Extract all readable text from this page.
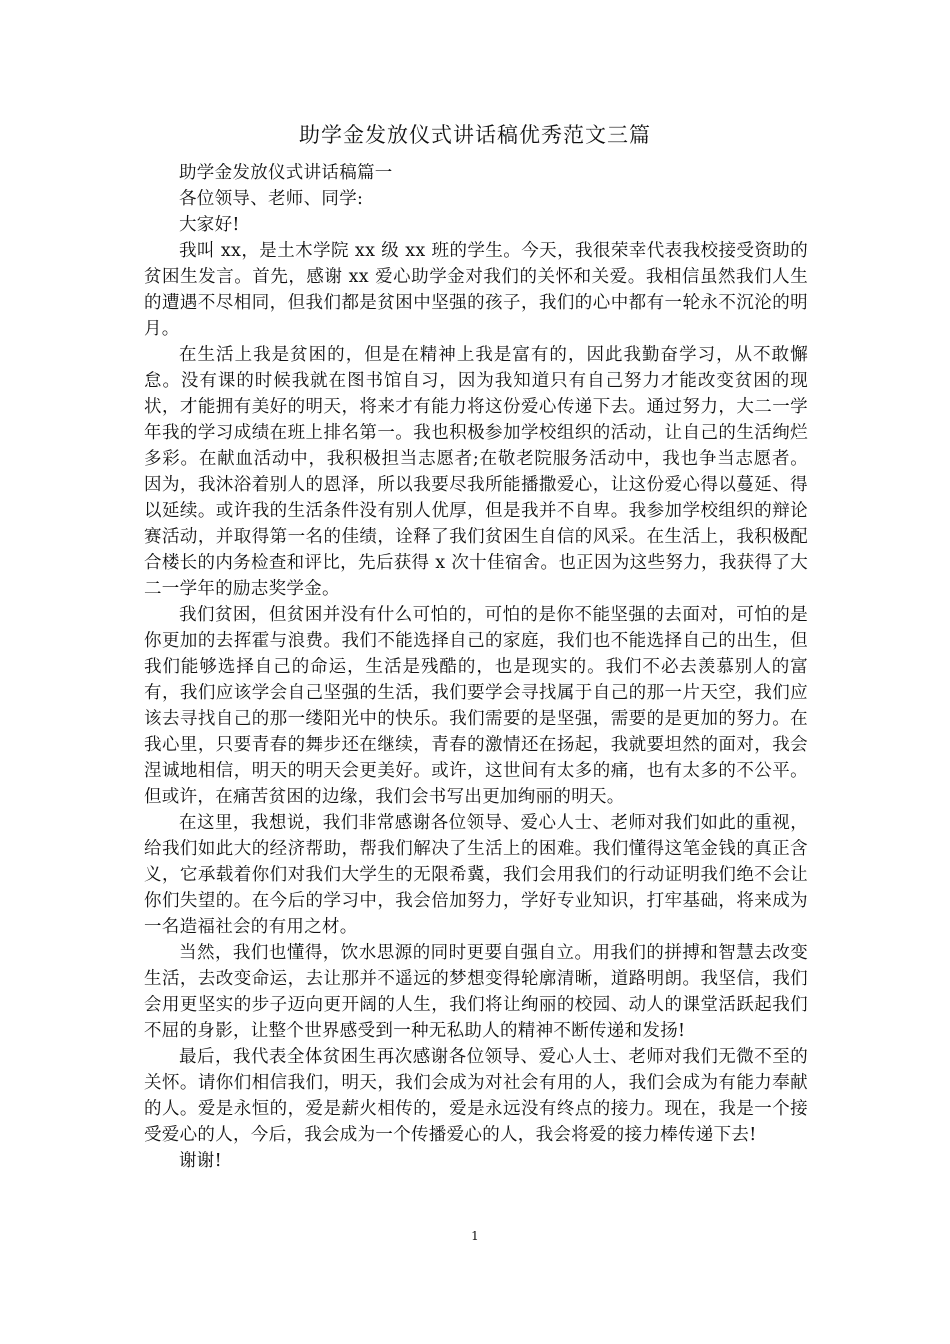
助学金发放仪式讲话稿优秀范文三篇

助学金发放仪式讲话稿篇一

各位领导、老师、同学:

大家好!

我叫 xx，是土木学院 xx 级 xx 班的学生。今天，我很荣幸代表我校接受资助的贫困生发言。首先，感谢 xx 爱心助学金对我们的关怀和关爱。我相信虽然我们人生的遭遇不尽相同，但我们都是贫困中坚强的孩子，我们的心中都有一轮永不沉沦的明月。

在生活上我是贫困的，但是在精神上我是富有的，因此我勤奋学习，从不敢懈怠。没有课的时候我就在图书馆自习，因为我知道只有自己努力才能改变贫困的现状，才能拥有美好的明天，将来才有能力将这份爱心传递下去。通过努力，大二一学年我的学习成绩在班上排名第一。我也积极参加学校组织的活动，让自己的生活绚烂多彩。在献血活动中，我积极担当志愿者;在敬老院服务活动中，我也争当志愿者。因为，我沐浴着别人的恩泽，所以我要尽我所能播撒爱心，让这份爱心得以蔓延、得以延续。或许我的生活条件没有别人优厚，但是我并不自卑。我参加学校组织的辩论赛活动，并取得第一名的佳绩，诠释了我们贫困生自信的风采。在生活上，我积极配合楼长的内务检查和评比，先后获得 x 次十佳宿舍。也正因为这些努力，我获得了大二一学年的励志奖学金。

我们贫困，但贫困并没有什么可怕的，可怕的是你不能坚强的去面对，可怕的是你更加的去挥霍与浪费。我们不能选择自己的家庭，我们也不能选择自己的出生，但我们能够选择自己的命运，生活是残酷的，也是现实的。我们不必去羡慕别人的富有，我们应该学会自己坚强的生活，我们要学会寻找属于自己的那一片天空，我们应该去寻找自己的那一缕阳光中的快乐。我们需要的是坚强，需要的是更加的努力。在我心里，只要青春的舞步还在继续，青春的激情还在扬起，我就要坦然的面对，我会涅诚地相信，明天的明天会更美好。或许，这世间有太多的痛，也有太多的不公平。但或许，在痛苦贫困的边缘，我们会书写出更加绚丽的明天。

在这里，我想说，我们非常感谢各位领导、爱心人士、老师对我们如此的重视，给我们如此大的经济帮助，帮我们解决了生活上的困难。我们懂得这笔金钱的真正含义，它承载着你们对我们大学生的无限希冀，我们会用我们的行动证明我们绝不会让你们失望的。在今后的学习中，我会倍加努力，学好专业知识，打牢基础，将来成为一名造福社会的有用之材。

当然，我们也懂得，饮水思源的同时更要自强自立。用我们的拼搏和智慧去改变生活，去改变命运，去让那并不遥远的梦想变得轮廓清晰，道路明朗。我坚信，我们会用更坚实的步子迈向更开阔的人生，我们将让绚丽的校园、动人的课堂活跃起我们不屈的身影，让整个世界感受到一种无私助人的精神不断传递和发扬!

最后，我代表全体贫困生再次感谢各位领导、爱心人士、老师对我们无微不至的关怀。请你们相信我们，明天，我们会成为对社会有用的人，我们会成为有能力奉献的人。爱是永恒的，爱是薪火相传的，爱是永远没有终点的接力。现在，我是一个接受爱心的人，今后，我会成为一个传播爱心的人，我会将爱的接力棒传递下去!

谢谢!

1
